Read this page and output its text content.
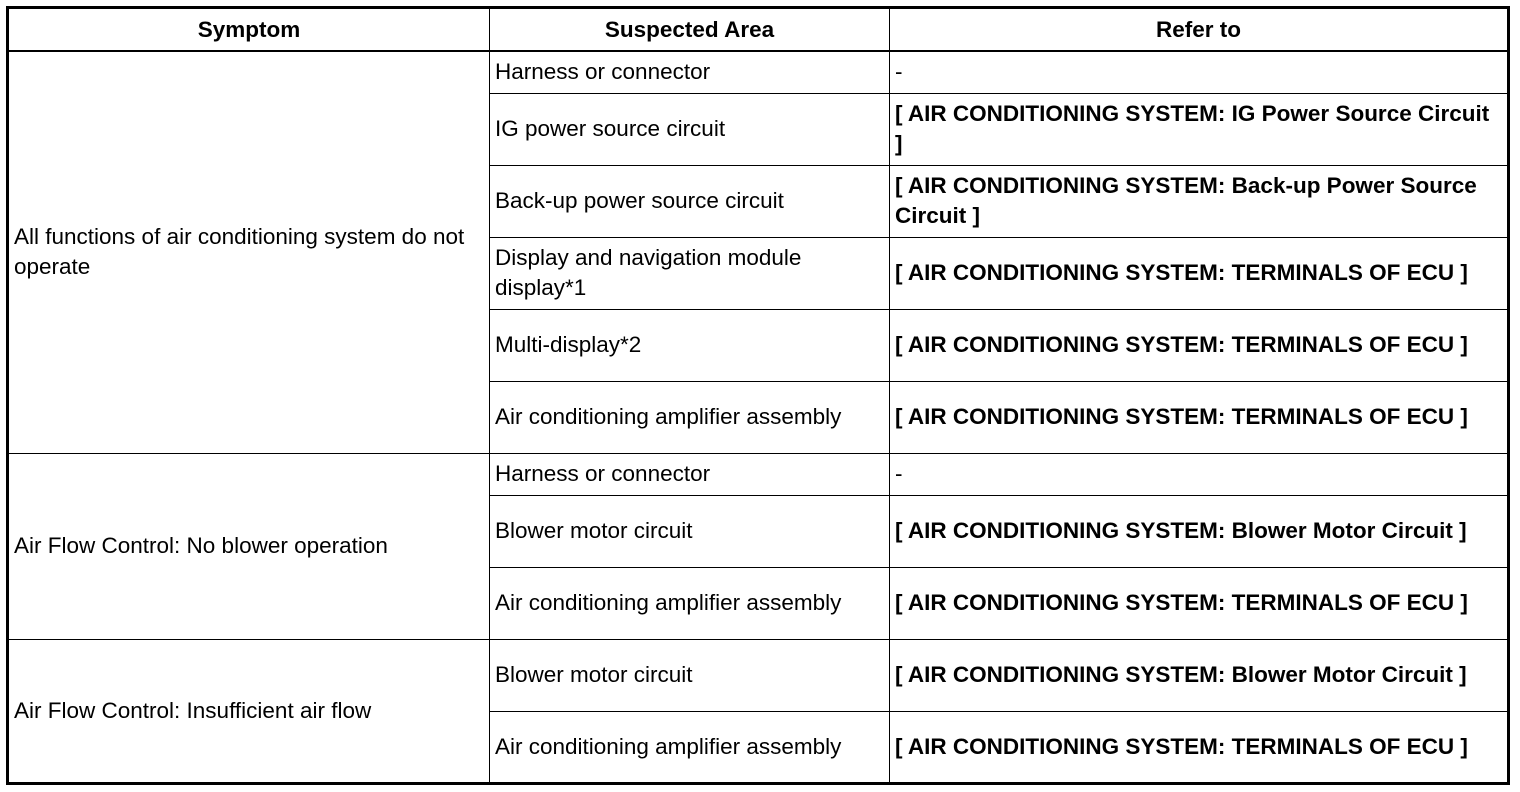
Symptom	Suspected Area	Refer to
All functions of air conditioning system do not operate	Harness or connector	-
	IG power source circuit	[ AIR CONDITIONING SYSTEM: IG Power Source Circuit ]
	Back-up power source circuit	[ AIR CONDITIONING SYSTEM: Back-up Power Source Circuit ]
	Display and navigation module display*1	[ AIR CONDITIONING SYSTEM: TERMINALS OF ECU ]
	Multi-display*2	[ AIR CONDITIONING SYSTEM: TERMINALS OF ECU ]
	Air conditioning amplifier assembly	[ AIR CONDITIONING SYSTEM: TERMINALS OF ECU ]
Air Flow Control: No blower operation	Harness or connector	-
	Blower motor circuit	[ AIR CONDITIONING SYSTEM: Blower Motor Circuit ]
	Air conditioning amplifier assembly	[ AIR CONDITIONING SYSTEM: TERMINALS OF ECU ]
Air Flow Control: Insufficient air flow	Blower motor circuit	[ AIR CONDITIONING SYSTEM: Blower Motor Circuit ]
	Air conditioning amplifier assembly	[ AIR CONDITIONING SYSTEM: TERMINALS OF ECU ]
